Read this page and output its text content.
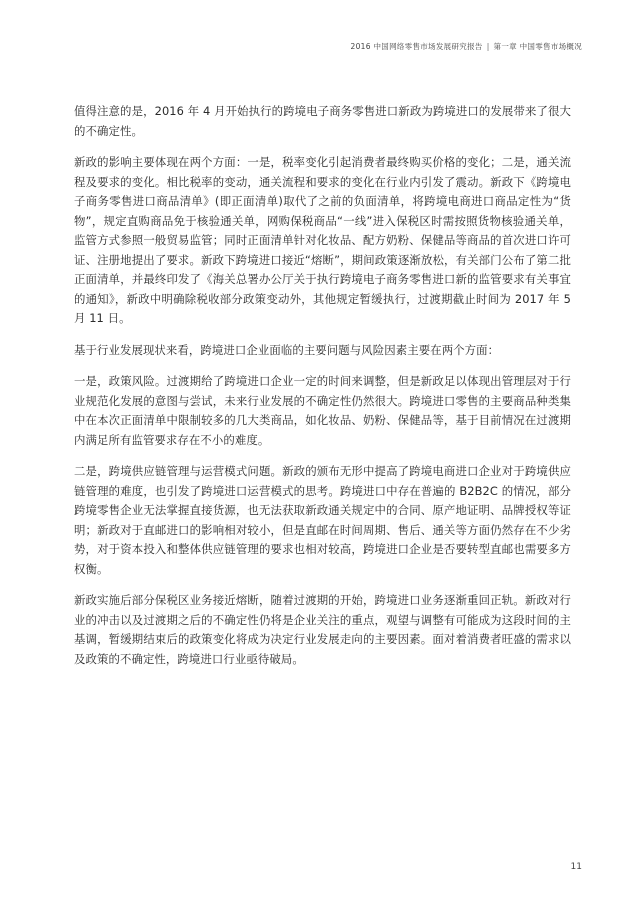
2016 中国网络零售市场发展研究报告 | 第一章 中国零售市场概况

值得注意的是，2016 年 4 月开始执行的跨境电子商务零售进口新政为跨境进口的发展带来了很大的不确定性。

新政的影响主要体现在两个方面：一是，税率变化引起消费者最终购买价格的变化；二是，通关流程及要求的变化。相比税率的变动，通关流程和要求的变化在行业内引发了震动。新政下《跨境电子商务零售进口商品清单》(即正面清单)取代了之前的负面清单，将跨境电商进口商品定性为“货物”，规定直购商品免于核验通关单，网购保税商品“一线”进入保税区时需按照货物核验通关单，监管方式参照一般贸易监管；同时正面清单针对化妆品、配方奶粉、保健品等商品的首次进口许可证、注册地提出了要求。新政下跨境进口接近“熔断”，期间政策逐渐放松，有关部门公布了第二批正面清单，并最终印发了《海关总署办公厅关于执行跨境电子商务零售进口新的监管要求有关事宜的通知》，新政中明确除税收部分政策变动外，其他规定暂缓执行，过渡期截止时间为 2017 年 5 月 11 日。

基于行业发展现状来看，跨境进口企业面临的主要问题与风险因素主要在两个方面：

一是，政策风险。过渡期给了跨境进口企业一定的时间来调整，但是新政足以体现出管理层对于行业规范化发展的意图与尝试，未来行业发展的不确定性仍然很大。跨境进口零售的主要商品种类集中在本次正面清单中限制较多的几大类商品，如化妆品、奶粉、保健品等，基于目前情况在过渡期内满足所有监管要求存在不小的难度。

二是，跨境供应链管理与运营模式问题。新政的颁布无形中提高了跨境电商进口企业对于跨境供应链管理的难度，也引发了跨境进口运营模式的思考。跨境进口中存在普遍的 B2B2C 的情况，部分跨境零售企业无法掌握直接货源，也无法获取新政通关规定中的合同、原产地证明、品牌授权等证明；新政对于直邮进口的影响相对较小，但是直邮在时间周期、售后、通关等方面仍然存在不少劣势，对于资本投入和整体供应链管理的要求也相对较高，跨境进口企业是否要转型直邮也需要多方权衡。

新政实施后部分保税区业务接近熔断，随着过渡期的开始，跨境进口业务逐渐重回正轨。新政对行业的冲击以及过渡期之后的不确定性仍将是企业关注的重点，观望与调整有可能成为这段时间的主基调，暂缓期结束后的政策变化将成为决定行业发展走向的主要因素。面对着消费者旺盛的需求以及政策的不确定性，跨境进口行业亟待破局。

11
